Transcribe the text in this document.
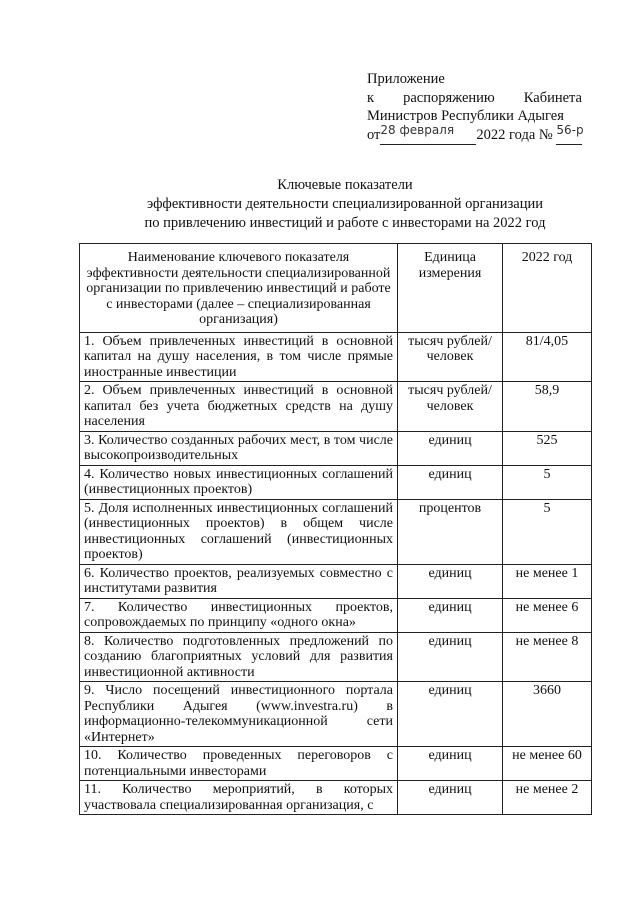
Приложение
к распоряжению Кабинета
Министров Республики Адыгея
$от^{28 февраля}$ 2022 года № $^{56-р}$
Ключевые показатели
эффективности деятельности специализированной организации
по привлечению инвестиций и работе с инвесторами на 2022 год
Наименование ключевого показателя эффективности деятельности специализированной организации по привлечению инвестиций и работе с инвесторами (далее – специализированная организация)	Единица измерения	2022 год
1. Объем привлеченных инвестиций в основной капитал на душу населения, в том числе прямые иностранные инвестиции	тысяч рублей/человек	81/4,05
2. Объем привлеченных инвестиций в основной капитал без учета бюджетных средств на душу населения	тысяч рублей/человек	58,9
3. Количество созданных рабочих мест, в том числе высокопроизводительных	единиц	525
4. Количество новых инвестиционных соглашений (инвестиционных проектов)	единиц	5
5. Доля исполненных инвестиционных соглашений (инвестиционных проектов) в общем числе инвестиционных соглашений (инвестиционных проектов)	процентов	5
6. Количество проектов, реализуемых совместно с институтами развития	единиц	не менее 1
7. Количество инвестиционных проектов, сопровождаемых по принципу «одного окна»	единиц	не менее 6
8. Количество подготовленных предложений по созданию благоприятных условий для развития инвестиционной активности	единиц	не менее 8
9. Число посещений инвестиционного портала Республики Адыгея (www.investra.ru) в информационно-телекоммуникационной сети «Интернет»	единиц	3660
10. Количество проведенных переговоров с потенциальными инвесторами	единиц	не менее 60
11. Количество мероприятий, в которых участвовала специализированная организация, с	единиц	не менее 2
